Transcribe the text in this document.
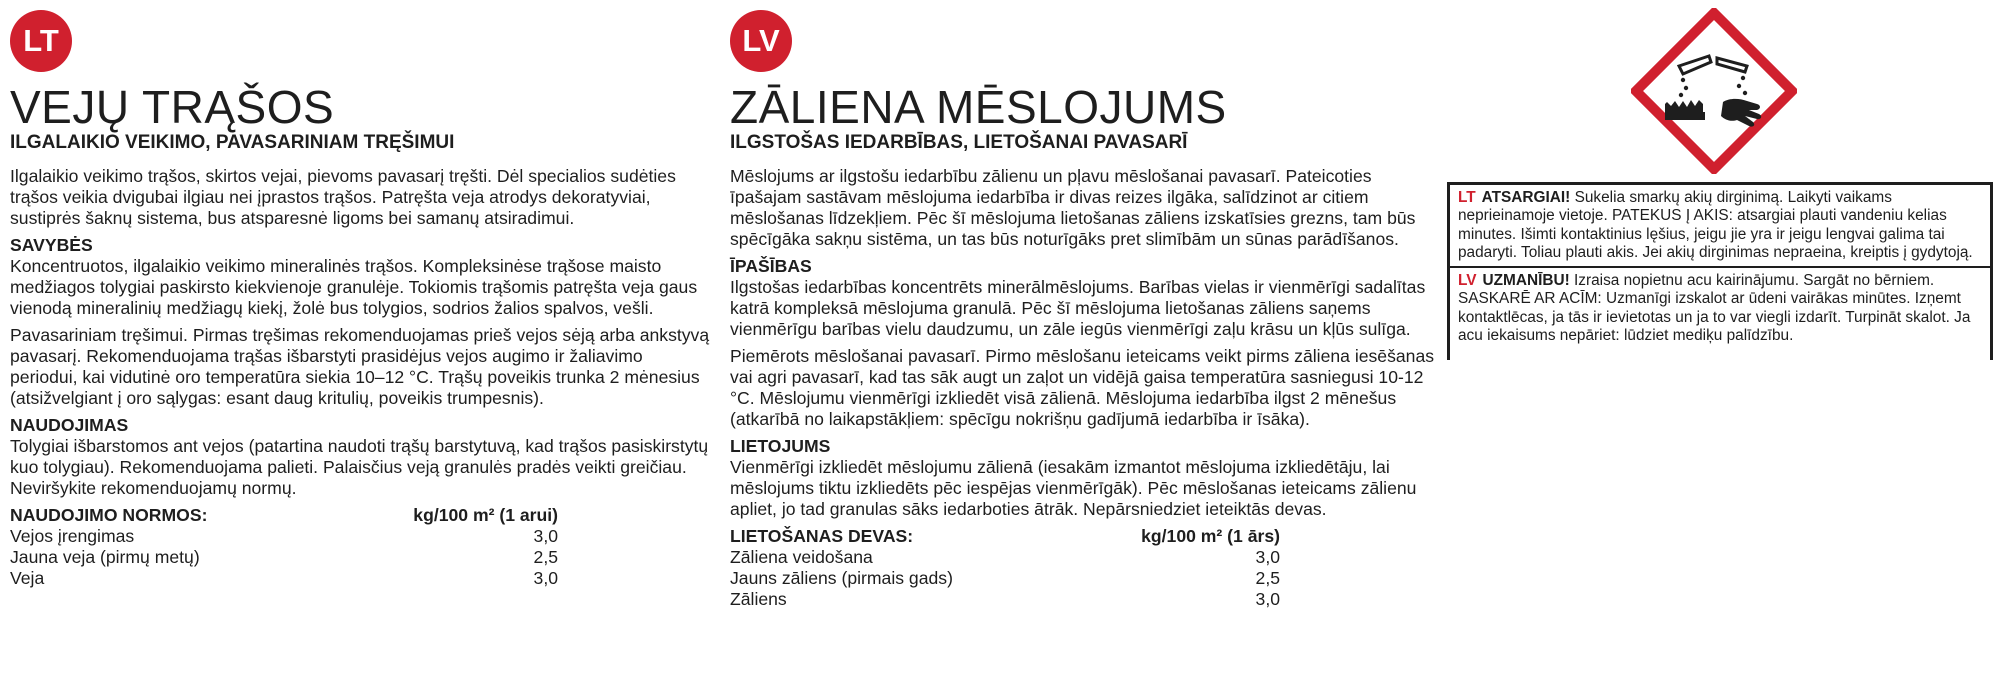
LT
VEJŲ TRĄŠOS
ILGALAIKIO VEIKIMO, PAVASARINIAM TRĘŠIMUI

Ilgalaikio veikimo trąšos, skirtos vejai, pievoms pavasarį tręšti. Dėl specialios sudėties trąšos veikia dvigubai ilgiau nei įprastos trąšos. Patręšta veja atrodys dekoratyviai, sustiprės šaknų sistema, bus atsparesnė ligoms bei samanų atsiradimui.

SAVYBĖS

Koncentruotos, ilgalaikio veikimo mineralinės trąšos. Kompleksinėse trąšose maisto medžiagos tolygiai paskirsto kiekvienoje granulėje. Tokiomis trąšomis patręšta veja gaus vienodą mineralinių medžiagų kiekį, žolė bus tolygios, sodrios žalios spalvos, vešli.

Pavasariniam tręšimui. Pirmas tręšimas rekomenduojamas prieš vejos sėją arba ankstyvą pavasarį. Rekomenduojama trąšas išbarstyti prasidėjus vejos augimo ir žaliavimo periodui, kai vidutinė oro temperatūra siekia 10–12 °C. Trąšų poveikis trunka 2 mėnesius (atsižvelgiant į oro sąlygas: esant daug kritulių, poveikis trumpesnis).

NAUDOJIMAS

Tolygiai išbarstomos ant vejos (patartina naudoti trąšų barstytuvą, kad trąšos pasiskirstytų kuo tolygiau). Rekomenduojama palieti. Palaisčius veją granulės pradės veikti greičiau. Neviršykite rekomenduojamų normų.

NAUDOJIMO NORMOS:	kg/100 m² (1 arui)
Vejos įrengimas	3,0
Jauna veja (pirmų metų)	2,5
Veja	3,0
LV
ZĀLIENA MĒSLOJUMS
ILGSTOŠAS IEDARBĪBAS, LIETOŠANAI PAVASARĪ

Mēslojums ar ilgstošu iedarbību zālienu un pļavu mēslošanai pavasarī. Pateicoties īpašajam sastāvam mēslojuma iedarbība ir divas reizes ilgāka, salīdzinot ar citiem mēslošanas līdzekļiem. Pēc šī mēslojuma lietošanas zāliens izskatīsies grezns, tam būs spēcīgāka sakņu sistēma, un tas būs noturīgāks pret slimībām un sūnas parādīšanos.

ĪPAŠĪBAS

Ilgstošas iedarbības koncentrēts minerālmēslojums. Barības vielas ir vienmērīgi sadalītas katrā kompleksā mēslojuma granulā. Pēc šī mēslojuma lietošanas zāliens saņems vienmērīgu barības vielu daudzumu, un zāle iegūs vienmērīgi zaļu krāsu un kļūs sulīga.

Piemērots mēslošanai pavasarī. Pirmo mēslošanu ieteicams veikt pirms zāliena iesēšanas vai agri pavasarī, kad tas sāk augt un zaļot un vidējā gaisa temperatūra sasniegusi 10-12 °C. Mēslojumu vienmērīgi izkliedēt visā zālienā. Mēslojuma iedarbība ilgst 2 mēnešus (atkarībā no laikapstākļiem: spēcīgu nokrišņu gadījumā iedarbība ir īsāka).

LIETOJUMS

Vienmērīgi izkliedēt mēslojumu zālienā (iesakām izmantot mēslojuma izkliedētāju, lai mēslojums tiktu izkliedēts pēc iespējas vienmērīgāk). Pēc mēslošanas ieteicams zālienu apliet, jo tad granulas sāks iedarboties ātrāk. Nepārsniedziet ieteiktās devas.

LIETOŠANAS DEVAS:	kg/100 m² (1 ārs)
Zāliena veidošana	3,0
Jauns zāliens (pirmais gads)	2,5
Zāliens	3,0
LT ATSARGIAI! Sukelia smarkų akių dirginimą. Laikyti vaikams neprieinamoje vietoje. PATEKUS Į AKIS: atsargiai plauti vandeniu kelias minutes. Išimti kontaktinius lęšius, jeigu jie yra ir jeigu lengvai galima tai padaryti. Toliau plauti akis. Jei akių dirginimas nepraeina, kreiptis į gydytoją.
LV UZMANĪBU! Izraisa nopietnu acu kairinājumu. Sargāt no bērniem. SASKARĒ AR ACĪM: Uzmanīgi izskalot ar ūdeni vairākas minūtes. Izņemt kontaktlēcas, ja tās ir ievietotas un ja to var viegli izdarīt. Turpināt skalot. Ja acu iekaisums nepāriet: lūdziet mediķu palīdzību.
